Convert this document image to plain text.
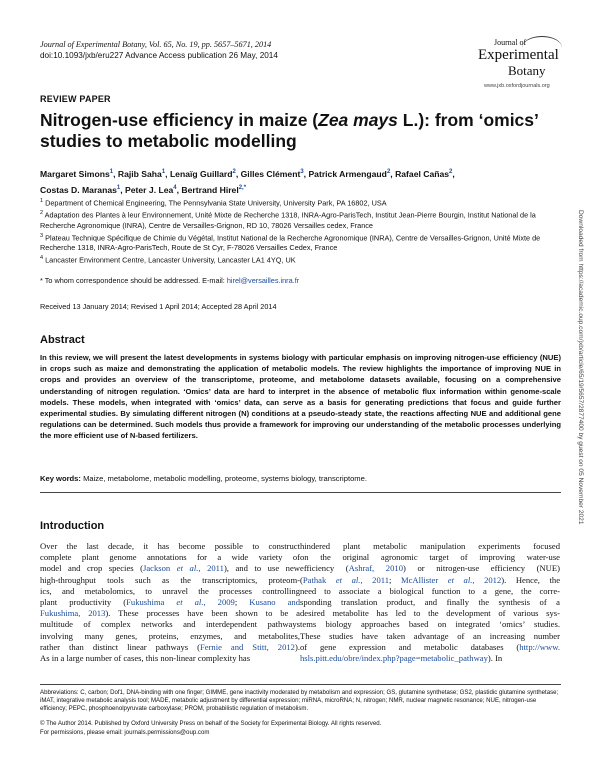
Journal of Experimental Botany, Vol. 65, No. 19, pp. 5657–5671, 2014
doi:10.1093/jxb/eru227 Advance Access publication 26 May, 2014
Journal of
Experimental
Botany
www.jxb.oxfordjournals.org
REVIEW PAPER
Nitrogen-use efficiency in maize (Zea mays L.): from ‘omics’ studies to metabolic modelling
Margaret Simons$^1$, Rajib Saha$^1$, Lenaïg Guillard$^2$, Gilles Clément$^3$, Patrick Armengaud$^2$, Rafael Cañas$^2$,
Costas D. Maranas$^1$, Peter J. Lea$^4$, Bertrand Hirel$^{2,*}$

$^1$ Department of Chemical Engineering, The Pennsylvania State University, University Park, PA 16802, USA

$^2$ Adaptation des Plantes à leur Environnement, Unité Mixte de Recherche 1318, INRA-Agro-ParisTech, Institut Jean-Pierre Bourgin, Institut National de la Recherche Agronomique (INRA), Centre de Versailles-Grignon, RD 10, 78026 Versailles cedex, France

$^3$ Plateau Technique Spécifique de Chimie du Végétal, Institut National de la Recherche Agronomique (INRA), Centre de Versailles-Grignon, Unité Mixte de Recherche 1318, INRA-Agro-ParisTech, Route de St Cyr, F-78026 Versailles Cedex, France

$^4$ Lancaster Environment Centre, Lancaster University, Lancaster LA1 4YQ, UK

* To whom correspondence should be addressed. E-mail: hirel@versailles.inra.fr
Received 13 January 2014; Revised 1 April 2014; Accepted 28 April 2014
Abstract
In this review, we will present the latest developments in systems biology with particular emphasis on improving nitrogen-use efficiency (NUE) in crops such as maize and demonstrating the application of metabolic models. The review highlights the importance of improving NUE in crops and provides an overview of the transcriptome, proteome, and metabolome datasets available, focusing on a comprehensive understanding of nitrogen regulation. ‘Omics’ data are hard to interpret in the absence of metabolic flux information within genome-scale models. These models, when integrated with ‘omics’ data, can serve as a basis for generating predictions that focus and guide further experimental studies. By simulating different nitrogen (N) conditions at a pseudo-steady state, the reactions affecting NUE and additional gene regulations can be determined. Such models thus provide a framework for improving our understanding of the metabolic processes underlying the more efficient use of N-based fertilizers.
Key words: Maize, metabolome, metabolic modelling, proteome, systems biology, transcriptome.
Introduction
Over the last decade, it has become possible to construct
complete plant genome annotations for a wide variety of
model and crop species (Jackson et al., 2011), and to use new
high-throughput tools such as the transcriptomics, proteom-
ics, and metabolomics, to unravel the processes controlling
plant productivity (Fukushima et al., 2009; Kusano and
Fukushima, 2013). These processes have been shown to be a
multitude of complex networks and interdependent pathways
involving many genes, proteins, enzymes, and metabolites,
rather than distinct linear pathways (Fernie and Stitt, 2012).
As in a large number of cases, this non-linear complexity has
hindered plant metabolic manipulation experiments focused
on the original agronomic target of improving water-use
efficiency (Ashraf, 2010) or nitrogen-use efficiency (NUE)
(Pathak et al., 2011; McAllister et al., 2012). Hence, the
need to associate a biological function to a gene, the corre-
sponding translation product, and finally the synthesis of a
desired metabolite has led to the development of various sys-
tems biology approaches based on integrated ‘omics’ studies.
These studies have taken advantage of an increasing number
of gene expression and metabolic databases (http://www.
hsls.pitt.edu/obre/index.php?page=metabolic_pathway). In
Abbreviations: C, carbon; Dof1, DNA-binding with one finger; GIMME, gene inactivity moderated by metabolism and expression; GS, glutamine synthetase; GS2, plastidic glutamine synthetase; iMAT, integrative metabolic analysis tool; MADE, metabolic adjustment by differential expression; miRNA, microRNA; N, nitrogen; NMR, nuclear magnetic resonance; NUE, nitrogen-use efficiency; PEPC, phosphoenolpyruvate carboxylase; PROM, probabilistic regulation of metabolism.
© The Author 2014. Published by Oxford University Press on behalf of the Society for Experimental Biology. All rights reserved.
For permissions, please email: journals.permissions@oup.com
Downloaded from https://academic.oup.com/jxb/article/65/19/5657/2877400 by guest on 05 November 2021
